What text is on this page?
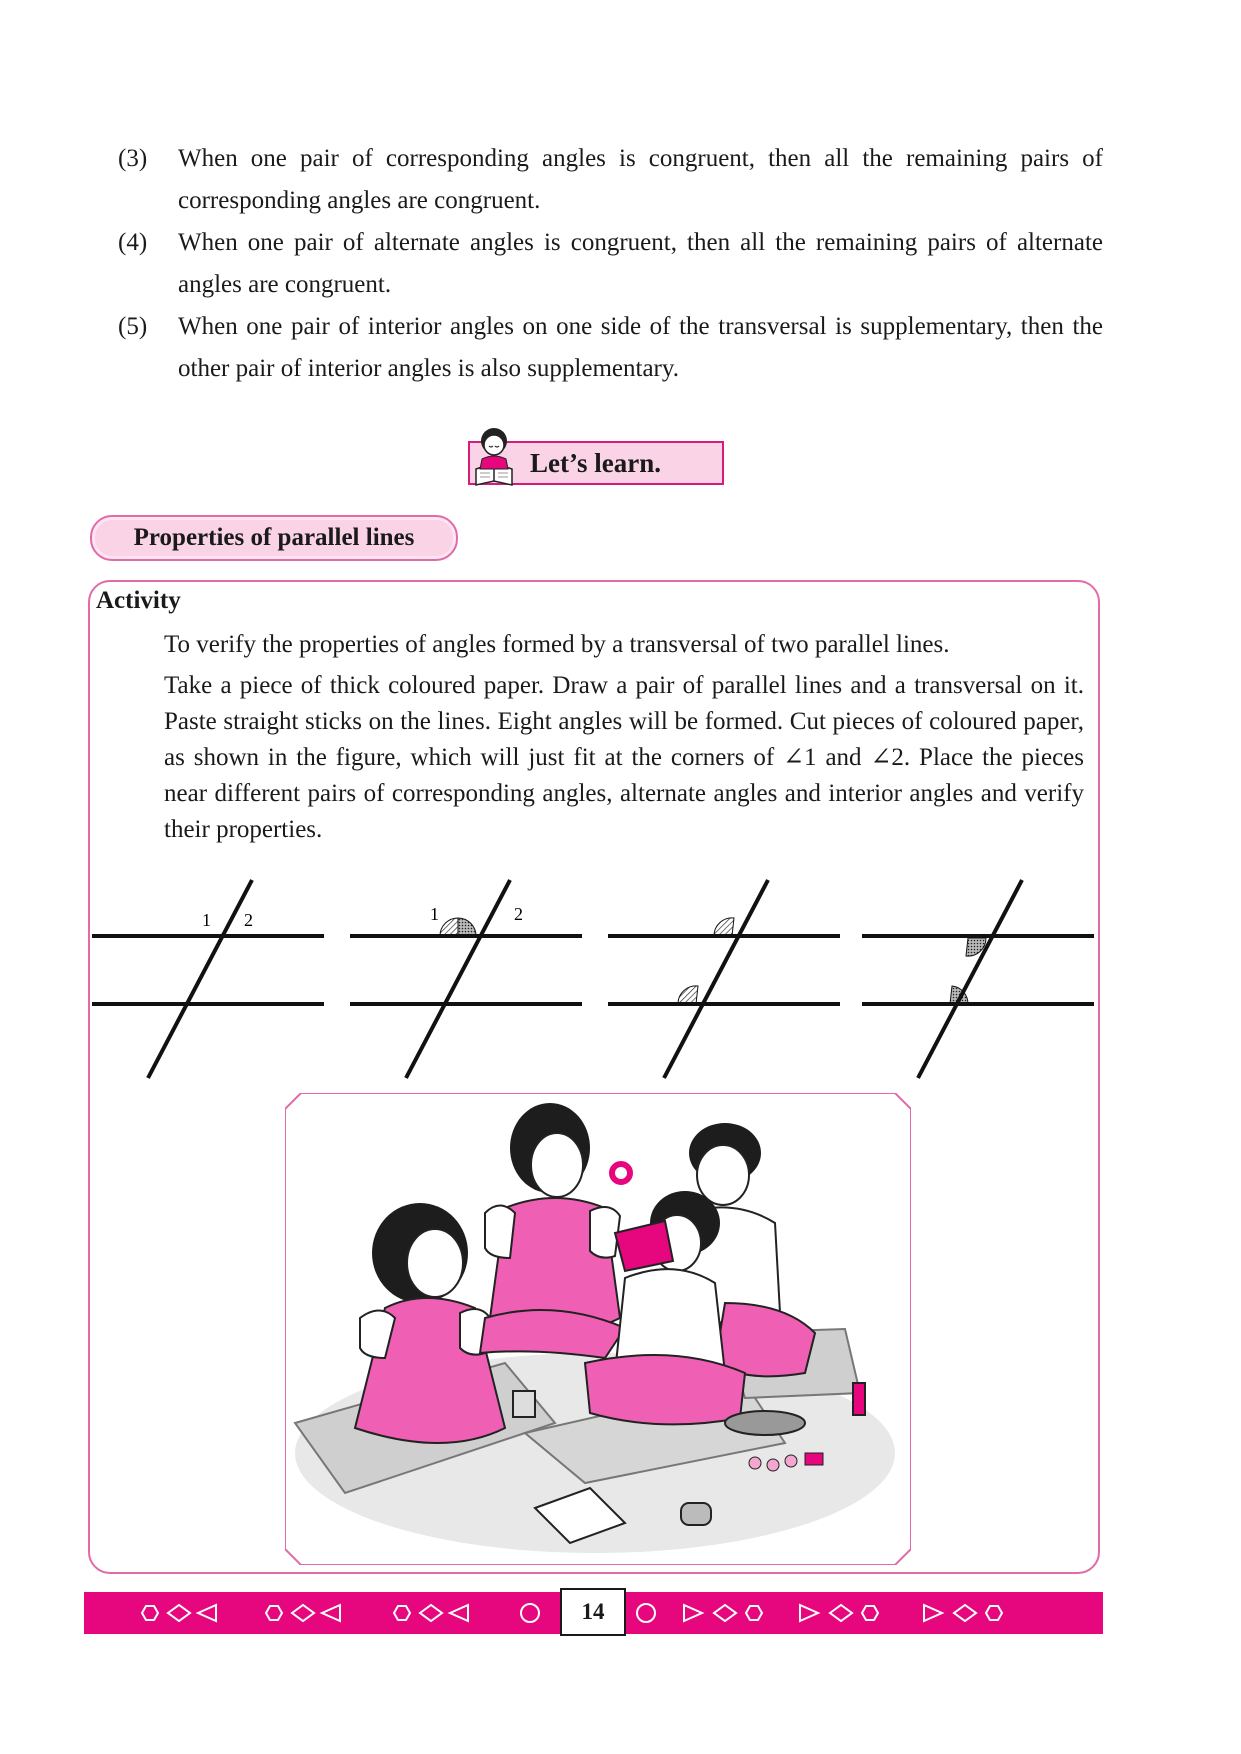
(3)	When one pair of corresponding angles is congruent, then all the remaining pairs of corresponding angles are congruent.
(4)	When one pair of alternate angles is congruent, then all the remaining pairs of alternate angles are congruent.
(5)	When one pair of interior angles on one side of the transversal is supplementary, then the other pair of interior angles is also supplementary.
Let’s learn.
Properties of parallel lines
Activity

To verify the properties of angles formed by a transversal of two parallel lines.

Take a piece of thick coloured paper. Draw a pair of parallel lines and a transversal on it. Paste straight sticks on the lines. Eight angles will be formed. Cut pieces of coloured paper, as shown in the figure, which will just fit at the corners of ∠1 and ∠2. Place the pieces near different pairs of corresponding angles, alternate angles and interior angles and verify their properties.

1 2	1	2
14
